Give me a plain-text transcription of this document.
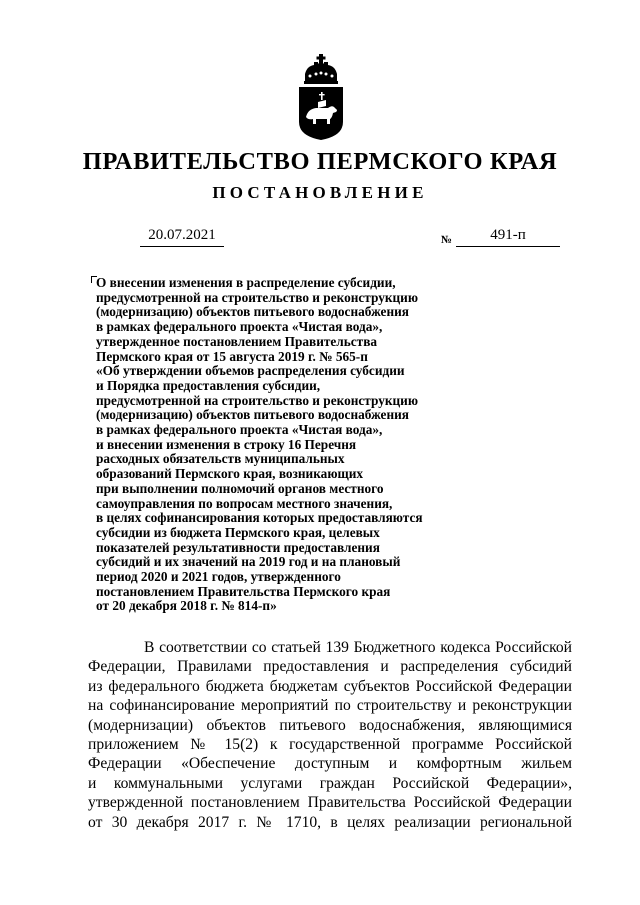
ПРАВИТЕЛЬСТВО ПЕРМСКОГО КРАЯ
ПОСТАНОВЛЕНИЕ
20.07.2021	№	491-п
О внесении изменения в распределение субсидии,
предусмотренной на строительство и реконструкцию
(модернизацию) объектов питьевого водоснабжения
в рамках федерального проекта «Чистая вода»,
утвержденное постановлением Правительства
Пермского края от 15 августа 2019 г. № 565-п
«Об утверждении объемов распределения субсидии
и Порядка предоставления субсидии,
предусмотренной на строительство и реконструкцию
(модернизацию) объектов питьевого водоснабжения
в рамках федерального проекта «Чистая вода»,
и внесении изменения в строку 16 Перечня
расходных обязательств муниципальных
образований Пермского края, возникающих
при выполнении полномочий органов местного
самоуправления по вопросам местного значения,
в целях софинансирования которых предоставляются
субсидии из бюджета Пермского края, целевых
показателей результативности предоставления
субсидий и их значений на 2019 год и на плановый
период 2020 и 2021 годов, утвержденного
постановлением Правительства Пермского края
от 20 декабря 2018 г. № 814-п»
В соответствии со статьей 139 Бюджетного кодекса Российской
Федерации, Правилами предоставления и распределения субсидий
из федерального бюджета бюджетам субъектов Российской Федерации
на софинансирование мероприятий по строительству и реконструкции
(модернизации) объектов питьевого водоснабжения, являющимися
приложением № 15(2) к государственной программе Российской
Федерации «Обеспечение доступным и комфортным жильем
и коммунальными услугами граждан Российской Федерации»,
утвержденной постановлением Правительства Российской Федерации
от 30 декабря 2017 г. № 1710, в целях реализации региональной
